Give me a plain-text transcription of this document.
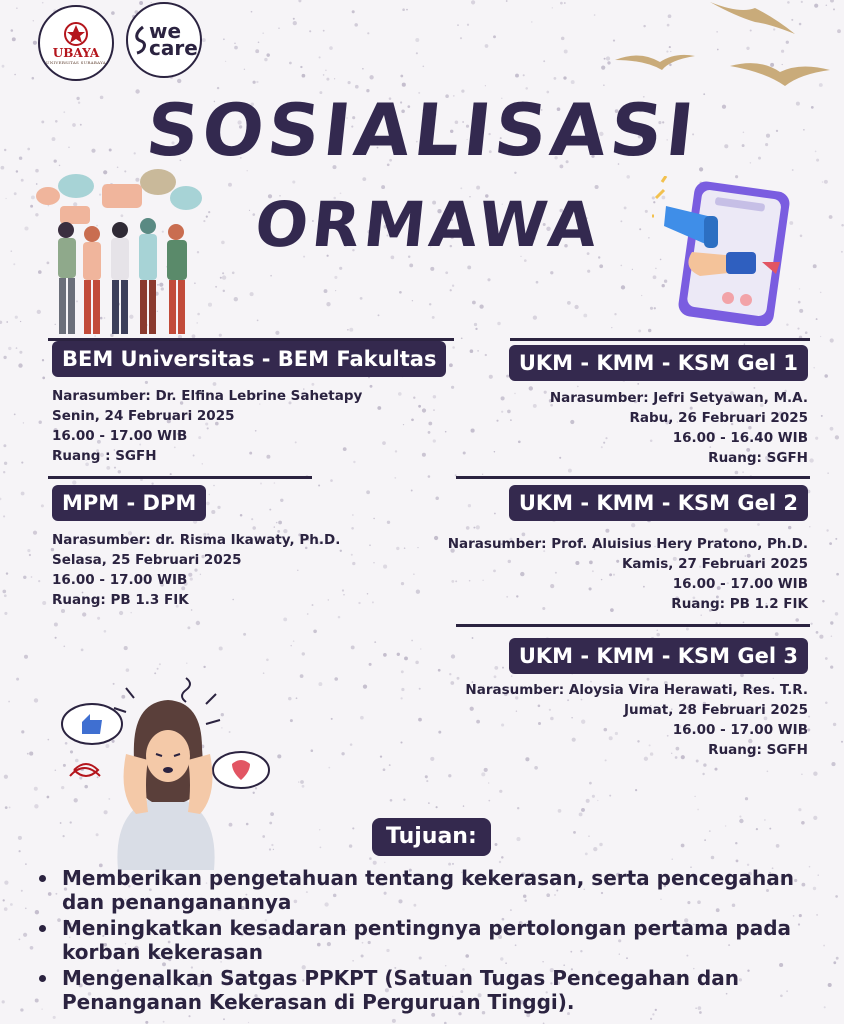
UBAYA
UNIVERSITAS SURABAYA
we care
SOSIALISASI
ORMAWA
BEM Universitas - BEM Fakultas
Narasumber: Dr. Elfina Lebrine Sahetapy
Senin, 24 Februari 2025
16.00 - 17.00 WIB
Ruang : SGFH
UKM - KMM - KSM Gel 1
Narasumber: Jefri Setyawan, M.A.
Rabu, 26 Februari 2025
16.00 - 16.40 WIB
Ruang: SGFH
MPM - DPM
Narasumber: dr. Risma Ikawaty, Ph.D.
Selasa, 25 Februari 2025
16.00 - 17.00 WIB
Ruang: PB 1.3 FIK
UKM - KMM - KSM Gel 2
Narasumber: Prof. Aluisius Hery Pratono, Ph.D.
Kamis, 27 Februari 2025
16.00 - 17.00 WIB
Ruang: PB 1.2 FIK
UKM - KMM - KSM Gel 3
Narasumber: Aloysia Vira Herawati, Res. T.R.
Jumat, 28 Februari 2025
16.00 - 17.00 WIB
Ruang: SGFH
Tujuan:
Memberikan pengetahuan tentang kekerasan, serta pencegahan dan penanganannya
Meningkatkan kesadaran pentingnya pertolongan pertama pada korban kekerasan
Mengenalkan Satgas PPKPT (Satuan Tugas Pencegahan dan Penanganan Kekerasan di Perguruan Tinggi).
